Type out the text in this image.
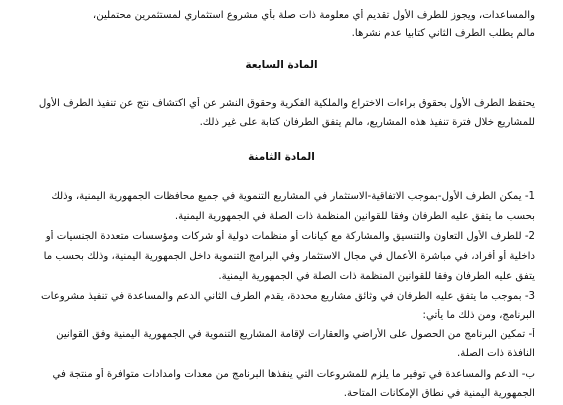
والمساعدات، ويجوز للطرف الأول تقديم أي معلومة ذات صلة بأي مشروع استثماري لمستثمرين محتملين،
مالم يطلب الطرف الثاني كتابيا عدم نشرها.
المادة السابعة
يحتفظ الطرف الأول بحقوق براءات الاختراع والملكية الفكرية وحقوق النشر عن أي اكتشاف نتج عن تنفيذ الطرف الأول
للمشاريع خلال فترة تنفيذ هذه المشاريع، مالم يتفق الطرفان كتابة على غير ذلك.
المادة الثامنة
1- يمكن الطرف الأول-بموجب الاتفاقية-الاستثمار في المشاريع التنموية في جميع محافظات الجمهورية اليمنية، وذلك
بحسب ما يتفق عليه الطرفان وفقا للقوانين المنظمة ذات الصلة في الجمهورية اليمنية.
2- للطرف الأول التعاون والتنسيق والمشاركة مع كيانات أو منظمات دولية أو شركات ومؤسسات متعددة الجنسيات أو
داخلية أو أفراد، في مباشرة الأعمال في مجال الاستثمار وفي البرامج التنموية داخل الجمهورية اليمنية، وذلك بحسب ما
يتفق عليه الطرفان وفقا للقوانين المنظمة ذات الصلة في الجمهورية اليمنية.
3- بموجب ما يتفق عليه الطرفان في وثائق مشاريع محددة، يقدم الطرف الثاني الدعم والمساعدة في تنفيذ مشروعات
البرنامج، ومن ذلك ما يأتي:
أ- تمكين البرنامج من الحصول على الأراضي والعقارات لإقامة المشاريع التنموية في الجمهورية اليمنية وفق القوانين
النافذة ذات الصلة.
ب- الدعم والمساعدة في توفير ما يلزم للمشروعات التي ينفذها البرنامج من معدات وامدادات متوافرة أو منتجة في
الجمهورية اليمنية في نطاق الإمكانات المتاحة.
